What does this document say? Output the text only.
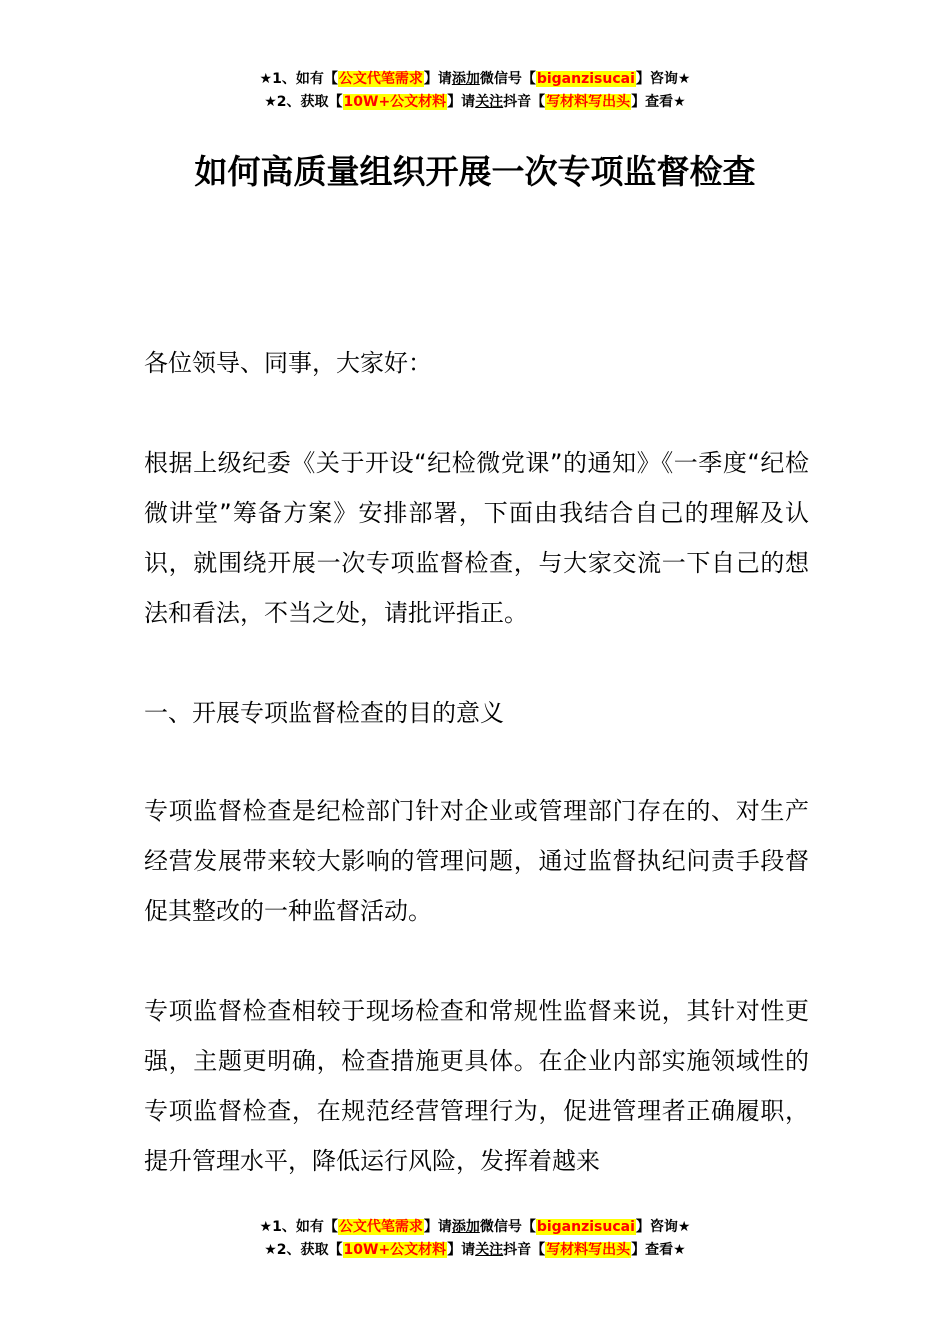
★1、如有【公文代笔需求】请添加微信号【biganzisucai】咨询★
★2、获取【10W+公文材料】请关注抖音【写材料写出头】查看★
如何高质量组织开展一次专项监督检查

各位领导、同事，大家好：

根据上级纪委《关于开设“纪检微党课”的通知》《一季度“纪检微讲堂”筹备方案》安排部署，下面由我结合自己的理解及认识，就围绕开展一次专项监督检查，与大家交流一下自己的想法和看法，不当之处，请批评指正。

一、开展专项监督检查的目的意义

专项监督检查是纪检部门针对企业或管理部门存在的、对生产经营发展带来较大影响的管理问题，通过监督执纪问责手段督促其整改的一种监督活动。

专项监督检查相较于现场检查和常规性监督来说，其针对性更强，主题更明确，检查措施更具体。在企业内部实施领域性的专项监督检查，在规范经营管理行为，促进管理者正确履职，提升管理水平，降低运行风险，发挥着越来

★1、如有【公文代笔需求】请添加微信号【biganzisucai】咨询★
★2、获取【10W+公文材料】请关注抖音【写材料写出头】查看★
